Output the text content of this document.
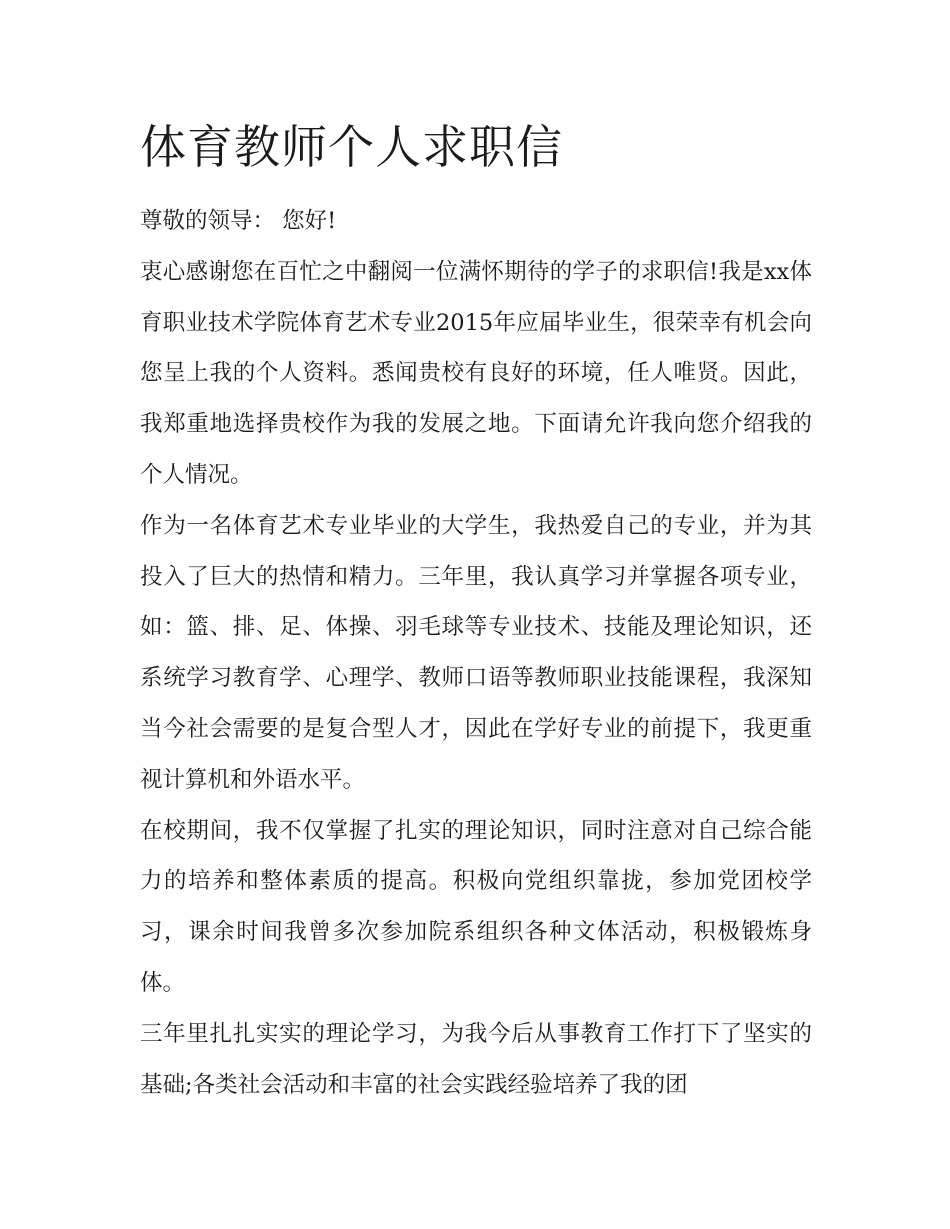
体育教师个人求职信

尊敬的领导： 您好!

衷心感谢您在百忙之中翻阅一位满怀期待的学子的求职信!我是xx体育职业技术学院体育艺术专业2015年应届毕业生，很荣幸有机会向您呈上我的个人资料。悉闻贵校有良好的环境，任人唯贤。因此，我郑重地选择贵校作为我的发展之地。下面请允许我向您介绍我的个人情况。

作为一名体育艺术专业毕业的大学生，我热爱自己的专业，并为其投入了巨大的热情和精力。三年里，我认真学习并掌握各项专业，如：篮、排、足、体操、羽毛球等专业技术、技能及理论知识，还系统学习教育学、心理学、教师口语等教师职业技能课程，我深知当今社会需要的是复合型人才，因此在学好专业的前提下，我更重视计算机和外语水平。

在校期间，我不仅掌握了扎实的理论知识，同时注意对自己综合能力的培养和整体素质的提高。积极向党组织靠拢，参加党团校学习，课余时间我曾多次参加院系组织各种文体活动，积极锻炼身体。

三年里扎扎实实的理论学习，为我今后从事教育工作打下了坚实的基础;各类社会活动和丰富的社会实践经验培养了我的团
